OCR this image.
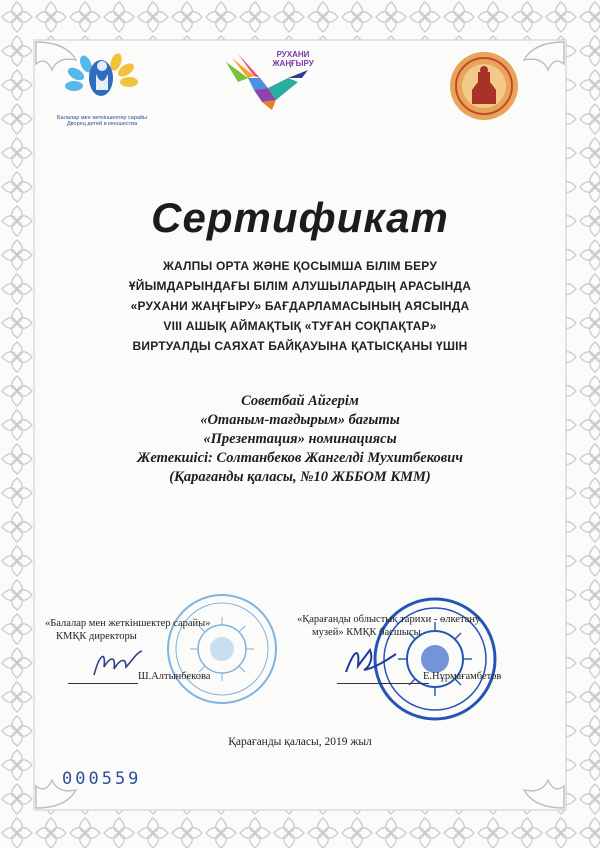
Балалар мен жеткіншектер сарайы
Дворец детей и юношества
РУХАНИ
ЖАҢҒЫРУ
Сертификат
ЖАЛПЫ ОРТА ЖӘНЕ ҚОСЫМША БІЛІМ БЕРУ
ҰЙЫМДАРЫНДАҒЫ БІЛІМ АЛУШЫЛАРДЫҢ АРАСЫНДА
«РУХАНИ ЖАҢҒЫРУ» БАҒДАРЛАМАСЫНЫҢ АЯСЫНДА
VIII АШЫҚ АЙМАҚТЫҚ «ТУҒАН СОҚПАҚТАР»
ВИРТУАЛДЫ САЯХАТ БАЙҚАУЫНА ҚАТЫСҚАНЫ ҮШІН
Советбай Айгерім
«Отаным-тағдырым» бағыты
«Презентация» номинациясы
Жетекшісі: Солтанбеков Жангелді Мухитбекович
(Қарағанды қаласы, №10 ЖББОМ КММ)
«Балалар мен жеткіншектер сарайы»
КМҚК директоры
Ш.Алтынбекова
«Қарағанды облыстық тарихи - өлкетану
музей» КМҚК басшысы
Е.Нұрмағамбетов
Қарағанды қаласы, 2019 жыл
000559
